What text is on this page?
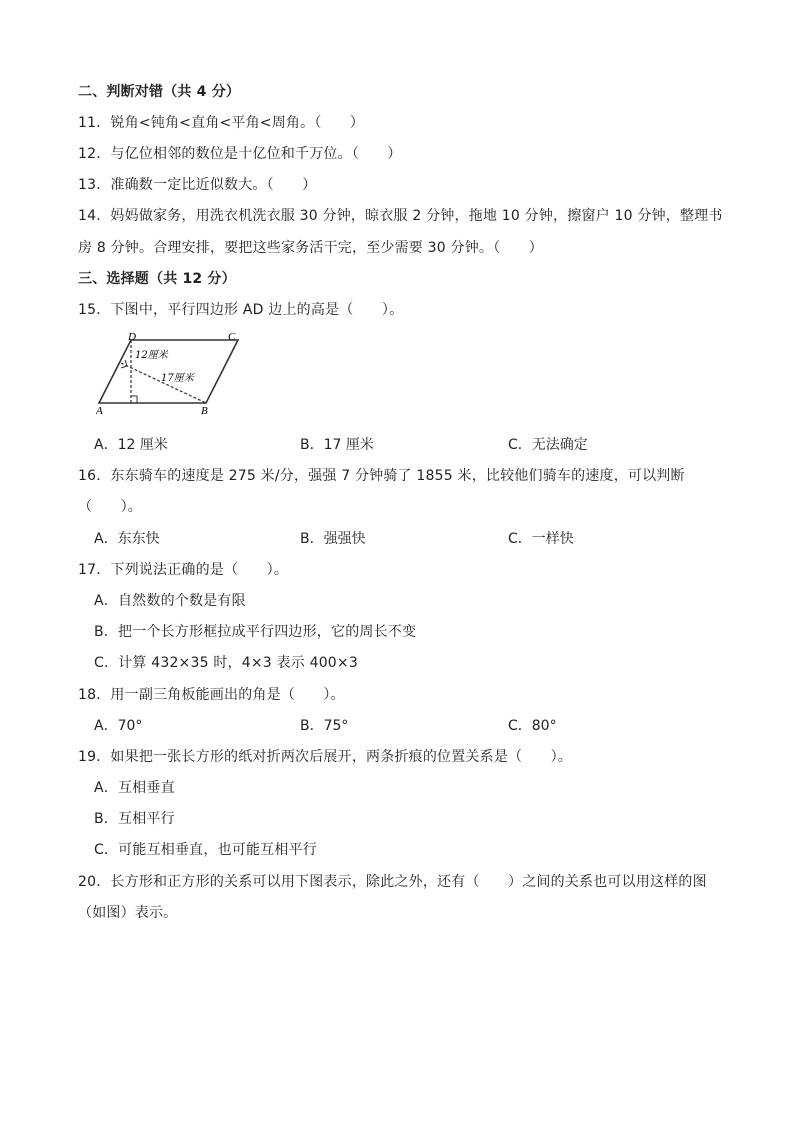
二、判断对错（共 4 分）
11．锐角<钝角<直角<平角<周角。（　　）
12．与亿位相邻的数位是十亿位和千万位。（　　）
13．准确数一定比近似数大。（　　）
14．妈妈做家务，用洗衣机洗衣服 30 分钟，晾衣服 2 分钟，拖地 10 分钟，擦窗户 10 分钟，整理书
房 8 分钟。合理安排，要把这些家务活干完，至少需要 30 分钟。（　　）
三、选择题（共 12 分）
15．下图中，平行四边形 AD 边上的高是（　　）。
D	C
A	B
12厘米
17厘米
A．12 厘米	B．17 厘米	C．无法确定
16．东东骑车的速度是 275 米/分，强强 7 分钟骑了 1855 米，比较他们骑车的速度，可以判断
（　　）。
A．东东快	B．强强快	C．一样快
17．下列说法正确的是（　　）。
A．自然数的个数是有限
B．把一个长方形框拉成平行四边形，它的周长不变
C．计算 432×35 时，4×3 表示 400×3
18．用一副三角板能画出的角是（　　）。
A．70°	B．75°	C．80°
19．如果把一张长方形的纸对折两次后展开，两条折痕的位置关系是（　　）。
A．互相垂直
B．互相平行
C．可能互相垂直，也可能互相平行
20．长方形和正方形的关系可以用下图表示，除此之外，还有（　　）之间的关系也可以用这样的图
（如图）表示。
